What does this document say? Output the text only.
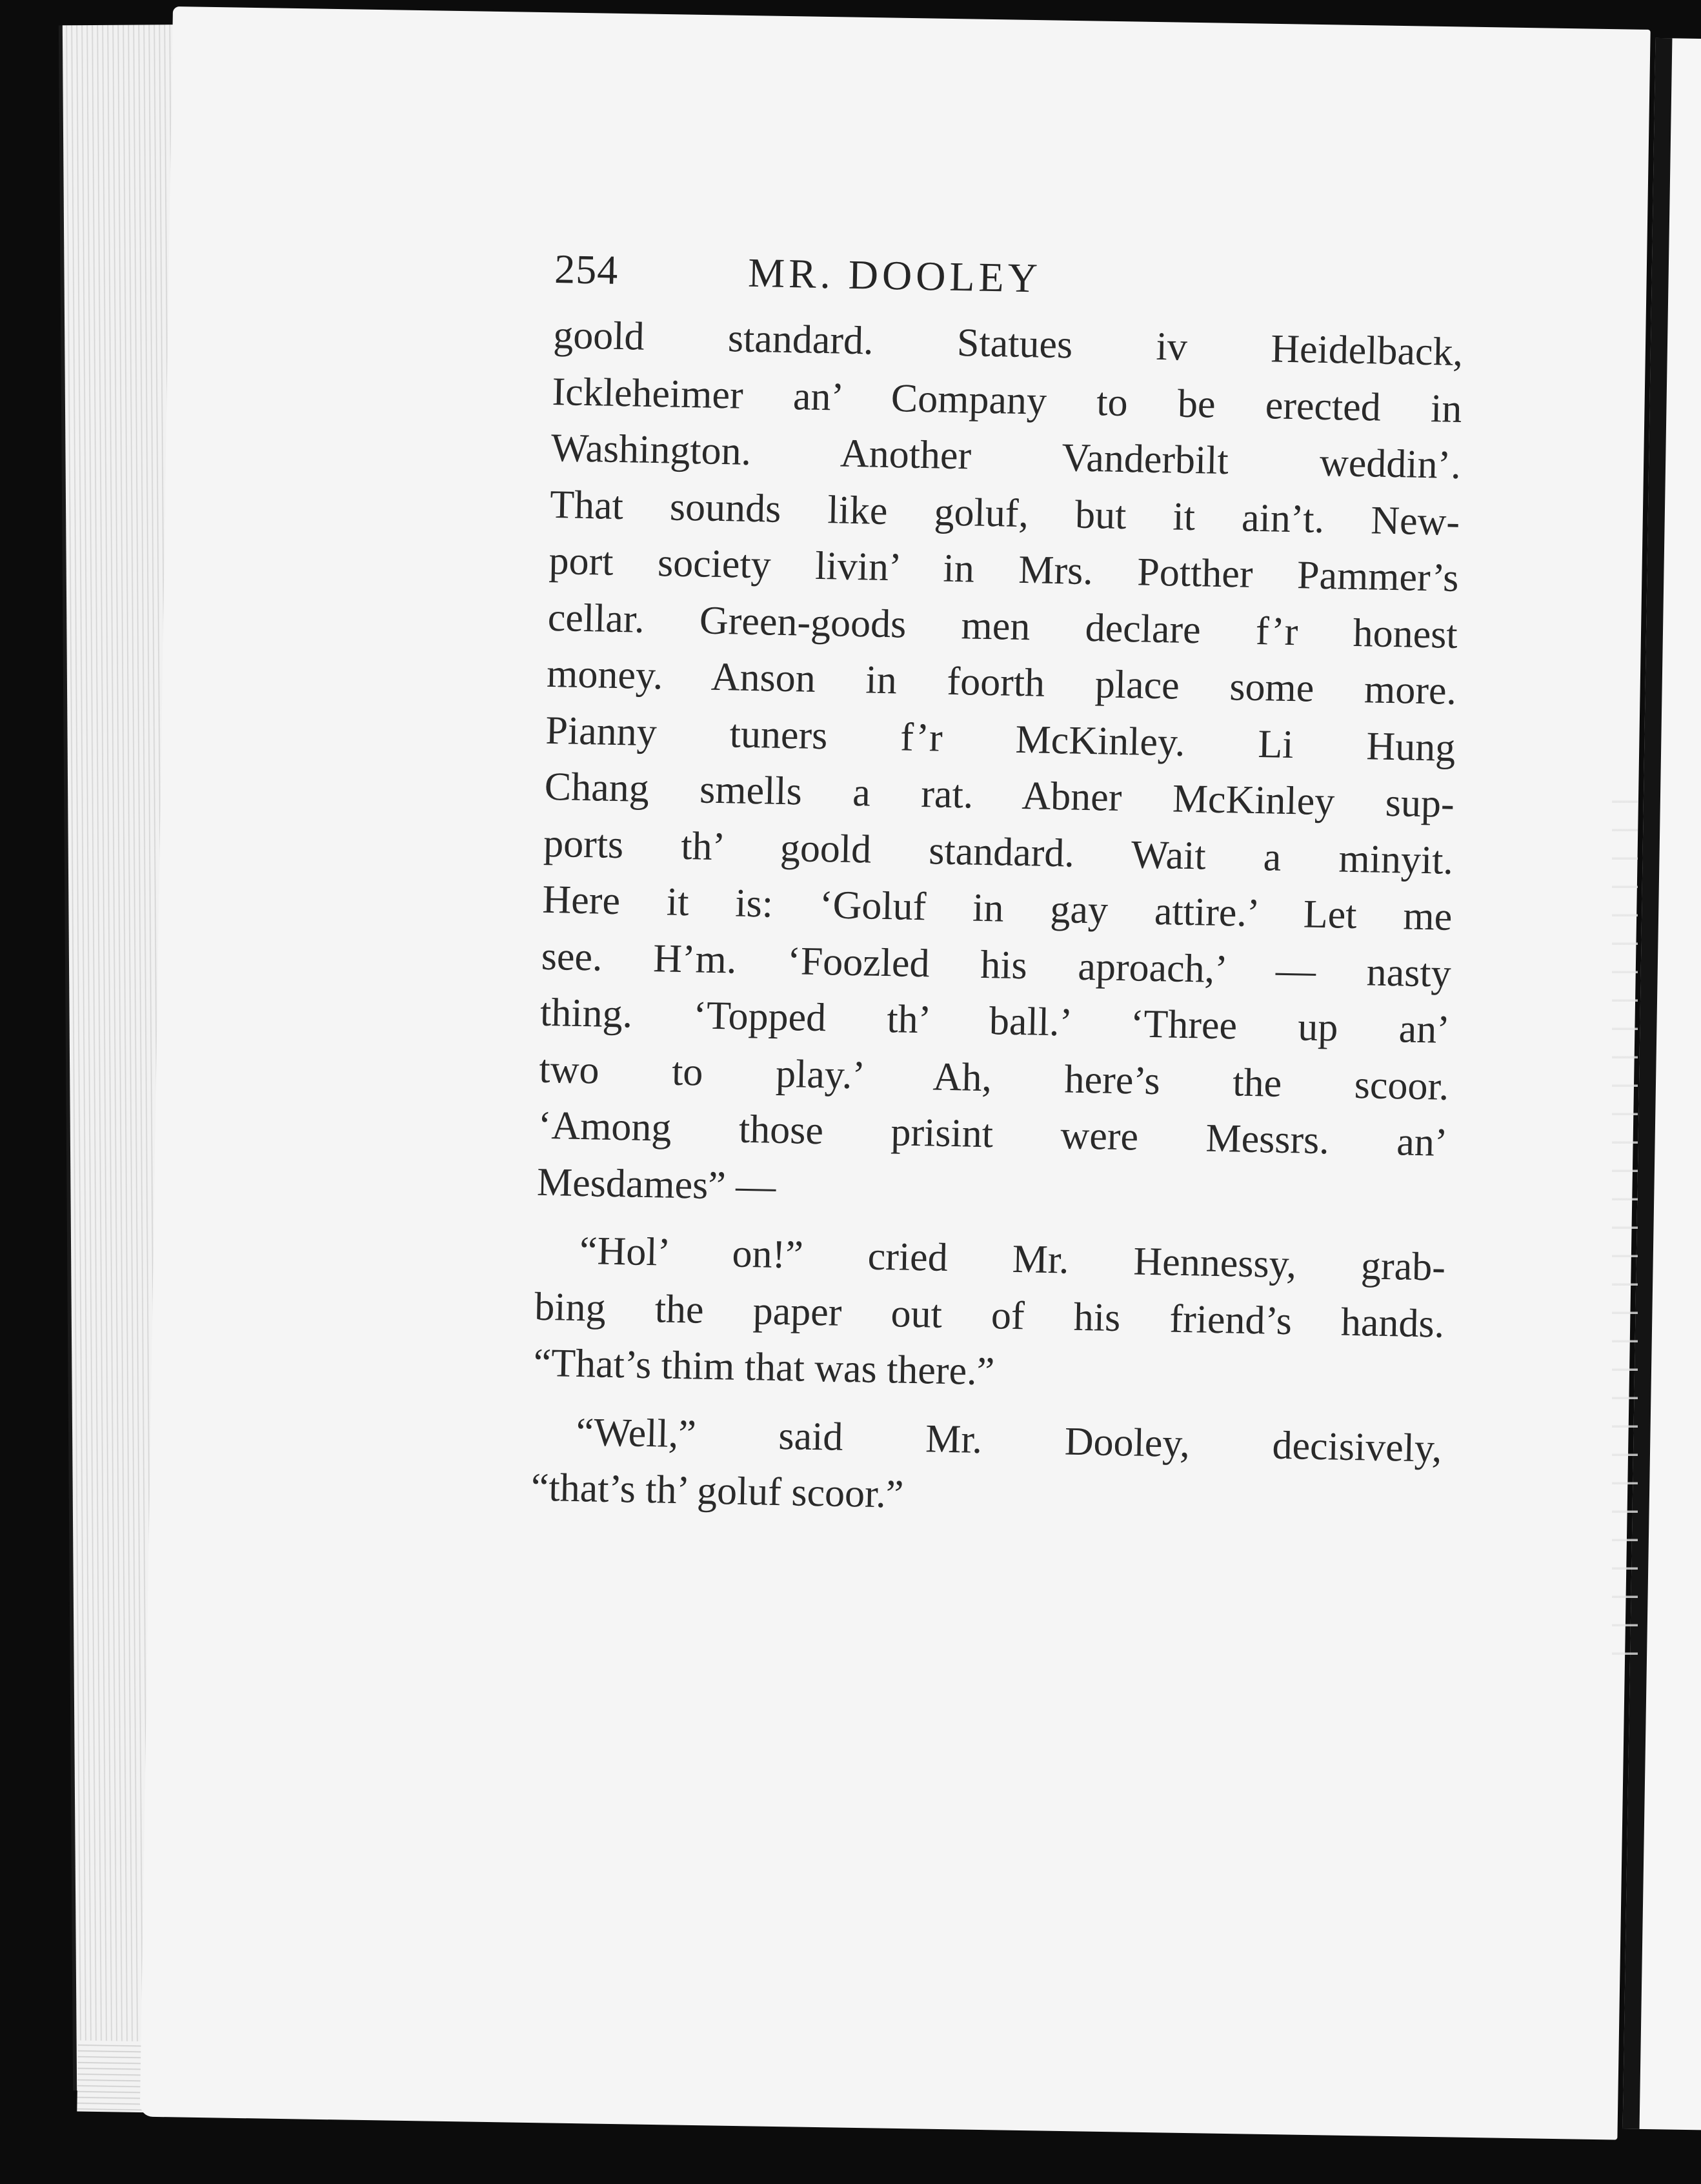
254	MR. DOOLEY
goold standard. Statues iv Heidelback,
Ickleheimer an’ Company to be erected in
Washington. Another Vanderbilt weddin’.
That sounds like goluf, but it ain’t. New-
port society livin’ in Mrs. Potther Pammer’s
cellar. Green-goods men declare f’r honest
money. Anson in foorth place some more.
Pianny tuners f’r McKinley. Li Hung
Chang smells a rat. Abner McKinley sup-
ports th’ goold standard. Wait a minyit.
Here it is: ‘Goluf in gay attire.’ Let me
see. H’m. ‘Foozled his aproach,’ — nasty
thing. ‘Topped th’ ball.’ ‘Three up an’
two to play.’ Ah, here’s the scoor.
‘Among those prisint were Messrs. an’
Mesdames” —
“Hol’ on!” cried Mr. Hennessy, grab-
bing the paper out of his friend’s hands.
“That’s thim that was there.”
“Well,” said Mr. Dooley, decisively,
“that’s th’ goluf scoor.”
